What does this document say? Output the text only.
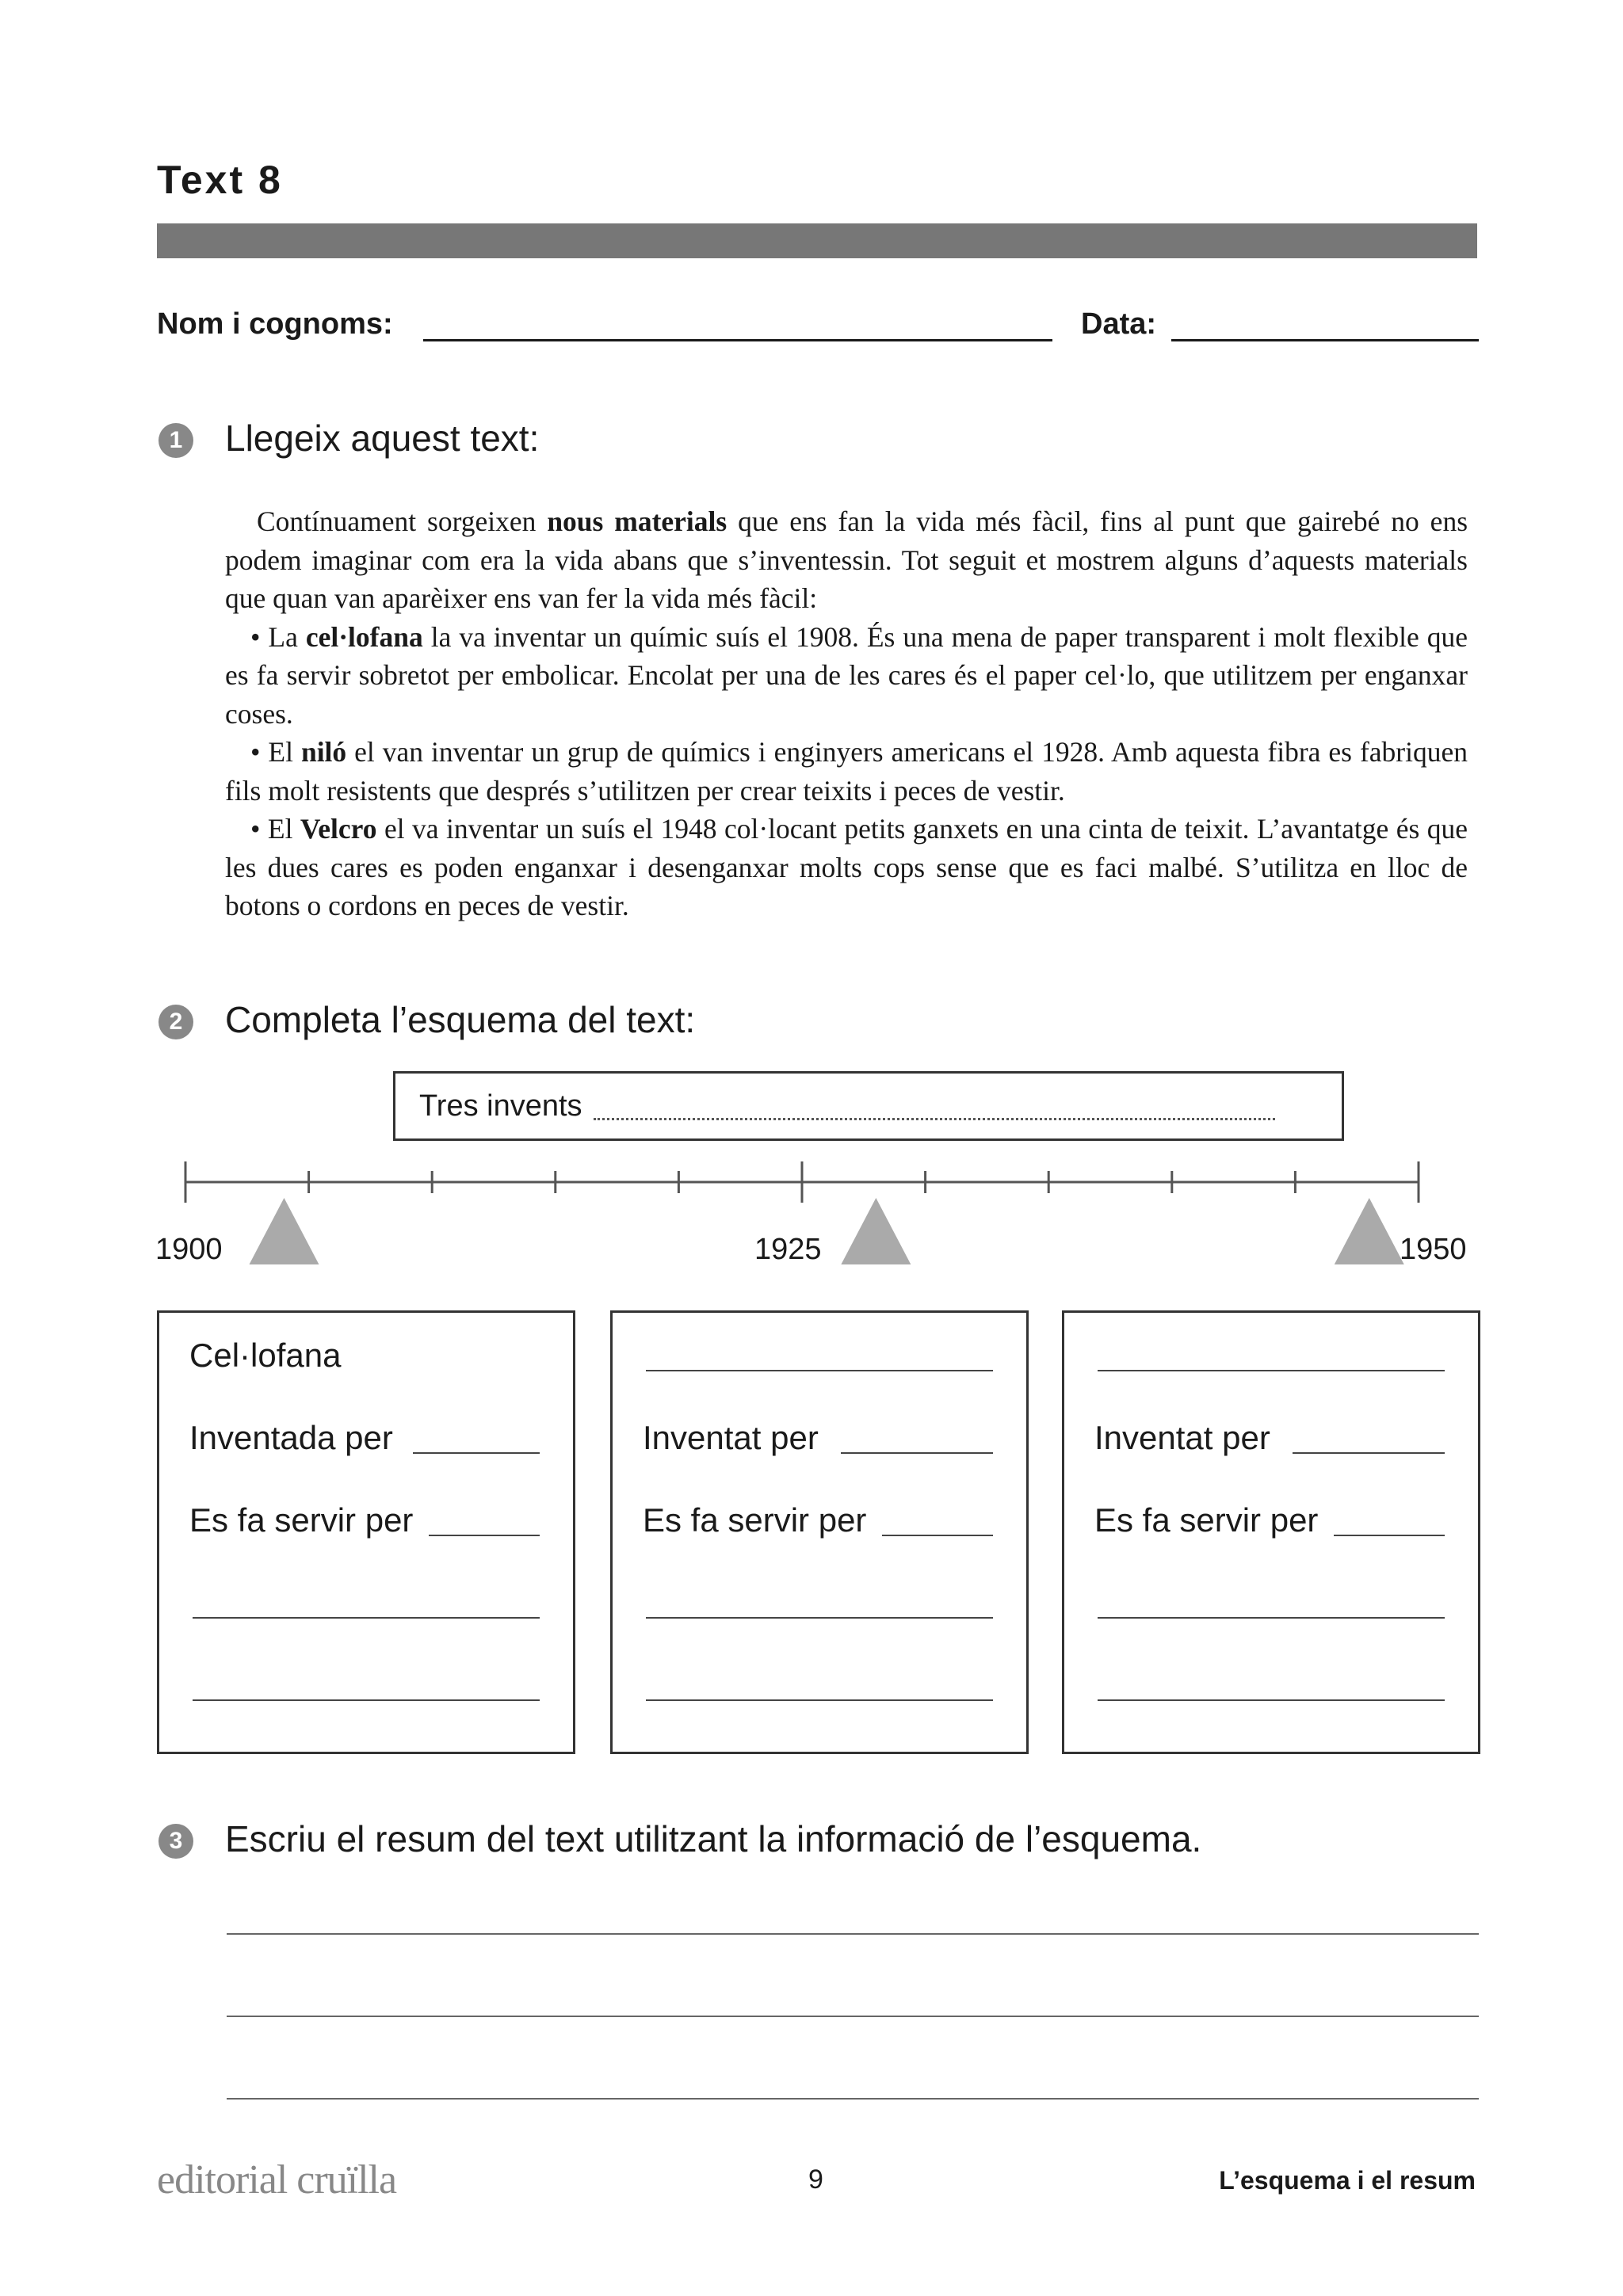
Text 8
Nom i cognoms:	Data:
1 Llegeix aquest text:

Contínuament sorgeixen nous materials que ens fan la vida més fàcil, fins al punt que gairebé no ens podem imaginar com era la vida abans que s’inventessin. Tot seguit et mostrem alguns d’aquests materials que quan van aparèixer ens van fer la vida més fàcil:

• La cel·lofana la va inventar un químic suís el 1908. És una mena de paper transparent i molt flexible que es fa servir sobretot per embolicar. Encolat per una de les cares és el paper cel·lo, que utilitzem per enganxar coses.

• El niló el van inventar un grup de químics i enginyers americans el 1928. Amb aquesta fibra es fabriquen fils molt resistents que després s’utilitzen per crear teixits i peces de vestir.

• El Velcro el va inventar un suís el 1948 col·locant petits ganxets en una cinta de teixit. L’avantatge és que les dues cares es poden enganxar i desenganxar molts cops sense que es faci malbé. S’utilitza en lloc de botons o cordons en peces de vestir.

2 Completa l’esquema del text:
Tres invents
1900	1925	1950
Cel·lofana
Inventada per
Es fa servir per
Inventat per
Es fa servir per
Inventat per
Es fa servir per
3 Escriu el resum del text utilitzant la informació de l’esquema.
editorial cruïlla	9	L’esquema i el resum
